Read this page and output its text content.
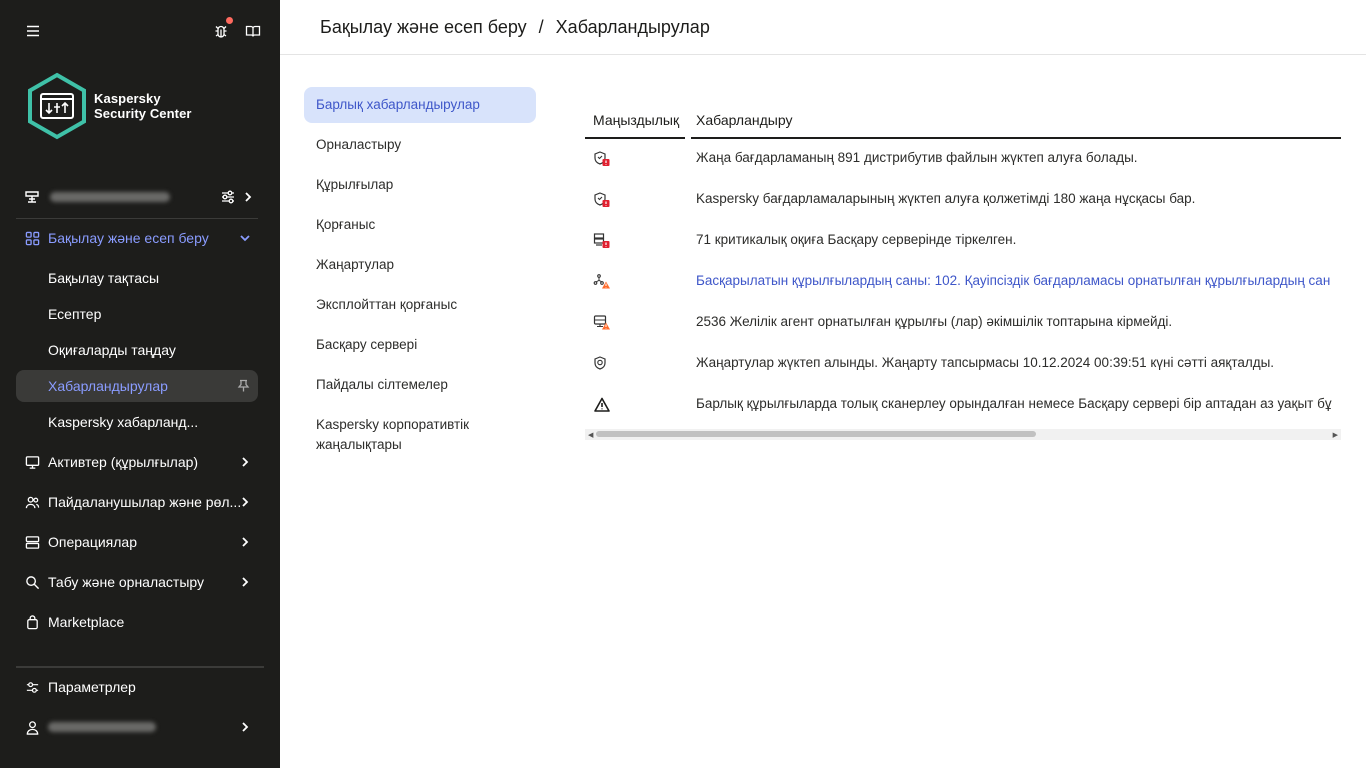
Kaspersky
Security Center
Бақылау және есеп беру
Бақылау тақтасы
Есептер
Оқиғаларды таңдау
Хабарландырулар
Kaspersky хабарланд...
Активтер (құрылғылар)
Пайдаланушылар және рөл...
Операциялар
Табу және орналастыру
Marketplace
Параметрлер
Бақылау және есеп беру / Хабарландырулар
Барлық хабарландырулар
Орналастыру
Құрылғылар
Қорғаныс
Жаңартулар
Эксплойттан қорғаныс
Басқару сервері
Пайдалы сілтемелер
Kaspersky корпоративтік жаңалықтары
Маңыздылық Хабарландыру
Жаңа бағдарламаның 891 дистрибутив файлын жүктеп алуға болады.
Kaspersky бағдарламаларының жүктеп алуға қолжетімді 180 жаңа нұсқасы бар.
71 критикалық оқиға Басқару серверінде тіркелген.
Басқарылатын құрылғылардың саны: 102. Қауіпсіздік бағдарламасы орнатылған құрылғылардың сан
2536 Желілік агент орнатылған құрылғы (лар) әкімшілік топтарына кірмейді.
Жаңартулар жүктеп алынды. Жаңарту тапсырмасы 10.12.2024 00:39:51 күні сәтті аяқталды.
Барлық құрылғыларда толық сканерлеу орындалған немесе Басқару сервері бір аптадан аз уақыт бұ
◀	▶
